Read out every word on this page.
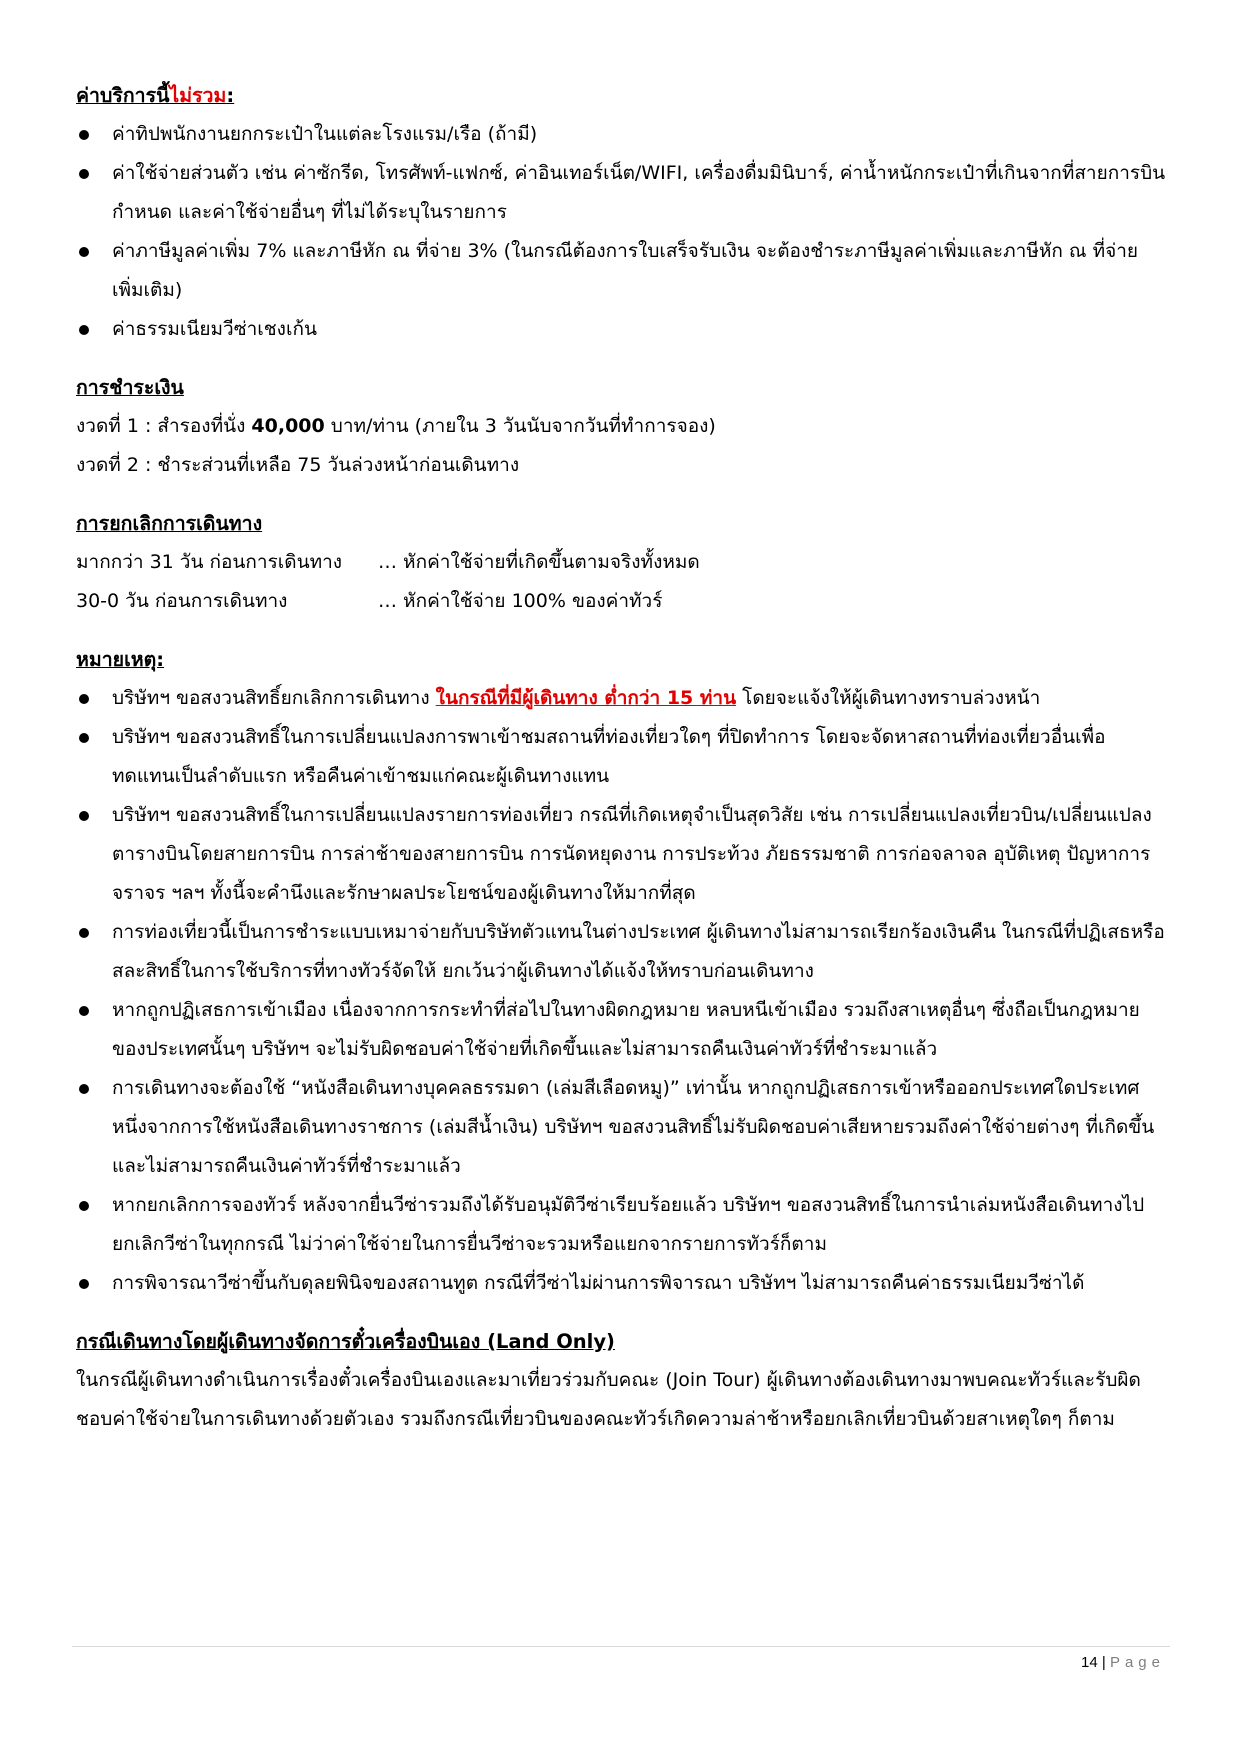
ค่าบริการนี้ไม่รวม:
ค่าทิปพนักงานยกกระเป๋าในแต่ละโรงแรม/เรือ (ถ้ามี)
ค่าใช้จ่ายส่วนตัว เช่น ค่าซักรีด, โทรศัพท์-แฟกซ์, ค่าอินเทอร์เน็ต/WIFI, เครื่องดื่มมินิบาร์, ค่าน้ำหนักกระเป๋าที่เกินจากที่สายการบินกำหนด และค่าใช้จ่ายอื่นๆ ที่ไม่ได้ระบุในรายการ
ค่าภาษีมูลค่าเพิ่ม 7% และภาษีหัก ณ ที่จ่าย 3% (ในกรณีต้องการใบเสร็จรับเงิน จะต้องชำระภาษีมูลค่าเพิ่มและภาษีหัก ณ ที่จ่ายเพิ่มเติม)
ค่าธรรมเนียมวีซ่าเชงเก้น
การชำระเงิน
งวดที่ 1 : สำรองที่นั่ง 40,000 บาท/ท่าน (ภายใน 3 วันนับจากวันที่ทำการจอง)
งวดที่ 2 : ชำระส่วนที่เหลือ 75 วันล่วงหน้าก่อนเดินทาง
การยกเลิกการเดินทาง
มากกว่า 31 วัน ก่อนการเดินทาง … หักค่าใช้จ่ายที่เกิดขึ้นตามจริงทั้งหมด
30-0 วัน ก่อนการเดินทาง	… หักค่าใช้จ่าย 100% ของค่าทัวร์
หมายเหตุ:
บริษัทฯ ขอสงวนสิทธิ์ยกเลิกการเดินทาง ในกรณีที่มีผู้เดินทาง ต่ำกว่า 15 ท่าน โดยจะแจ้งให้ผู้เดินทางทราบล่วงหน้า
บริษัทฯ ขอสงวนสิทธิ์ในการเปลี่ยนแปลงการพาเข้าชมสถานที่ท่องเที่ยวใดๆ ที่ปิดทำการ โดยจะจัดหาสถานที่ท่องเที่ยวอื่นเพื่อทดแทนเป็นลำดับแรก หรือคืนค่าเข้าชมแก่คณะผู้เดินทางแทน
บริษัทฯ ขอสงวนสิทธิ์ในการเปลี่ยนแปลงรายการท่องเที่ยว กรณีที่เกิดเหตุจำเป็นสุดวิสัย เช่น การเปลี่ยนแปลงเที่ยวบิน/เปลี่ยนแปลงตารางบินโดยสายการบิน การล่าช้าของสายการบิน การนัดหยุดงาน การประท้วง ภัยธรรมชาติ การก่อจลาจล อุบัติเหตุ ปัญหาการจราจร ฯลฯ ทั้งนี้จะคำนึงและรักษาผลประโยชน์ของผู้เดินทางให้มากที่สุด
การท่องเที่ยวนี้เป็นการชำระแบบเหมาจ่ายกับบริษัทตัวแทนในต่างประเทศ ผู้เดินทางไม่สามารถเรียกร้องเงินคืน ในกรณีที่ปฏิเสธหรือสละสิทธิ์ในการใช้บริการที่ทางทัวร์จัดให้ ยกเว้นว่าผู้เดินทางได้แจ้งให้ทราบก่อนเดินทาง
หากถูกปฏิเสธการเข้าเมือง เนื่องจากการกระทำที่ส่อไปในทางผิดกฎหมาย หลบหนีเข้าเมือง รวมถึงสาเหตุอื่นๆ ซึ่งถือเป็นกฎหมายของประเทศนั้นๆ บริษัทฯ จะไม่รับผิดชอบค่าใช้จ่ายที่เกิดขึ้นและไม่สามารถคืนเงินค่าทัวร์ที่ชำระมาแล้ว
การเดินทางจะต้องใช้ “หนังสือเดินทางบุคคลธรรมดา (เล่มสีเลือดหมู)” เท่านั้น หากถูกปฏิเสธการเข้าหรือออกประเทศใดประเทศหนึ่งจากการใช้หนังสือเดินทางราชการ (เล่มสีน้ำเงิน) บริษัทฯ ขอสงวนสิทธิ์ไม่รับผิดชอบค่าเสียหายรวมถึงค่าใช้จ่ายต่างๆ ที่เกิดขึ้นและไม่สามารถคืนเงินค่าทัวร์ที่ชำระมาแล้ว
หากยกเลิกการจองทัวร์ หลังจากยื่นวีซ่ารวมถึงได้รับอนุมัติวีซ่าเรียบร้อยแล้ว บริษัทฯ ขอสงวนสิทธิ์ในการนำเล่มหนังสือเดินทางไปยกเลิกวีซ่าในทุกกรณี ไม่ว่าค่าใช้จ่ายในการยื่นวีซ่าจะรวมหรือแยกจากรายการทัวร์ก็ตาม
การพิจารณาวีซ่าขึ้นกับดุลยพินิจของสถานทูต กรณีที่วีซ่าไม่ผ่านการพิจารณา บริษัทฯ ไม่สามารถคืนค่าธรรมเนียมวีซ่าได้
กรณีเดินทางโดยผู้เดินทางจัดการตั๋วเครื่องบินเอง (Land Only)
ในกรณีผู้เดินทางดำเนินการเรื่องตั๋วเครื่องบินเองและมาเที่ยวร่วมกับคณะ (Join Tour) ผู้เดินทางต้องเดินทางมาพบคณะทัวร์และรับผิดชอบค่าใช้จ่ายในการเดินทางด้วยตัวเอง รวมถึงกรณีเที่ยวบินของคณะทัวร์เกิดความล่าช้าหรือยกเลิกเที่ยวบินด้วยสาเหตุใดๆ ก็ตาม
14 | Page
